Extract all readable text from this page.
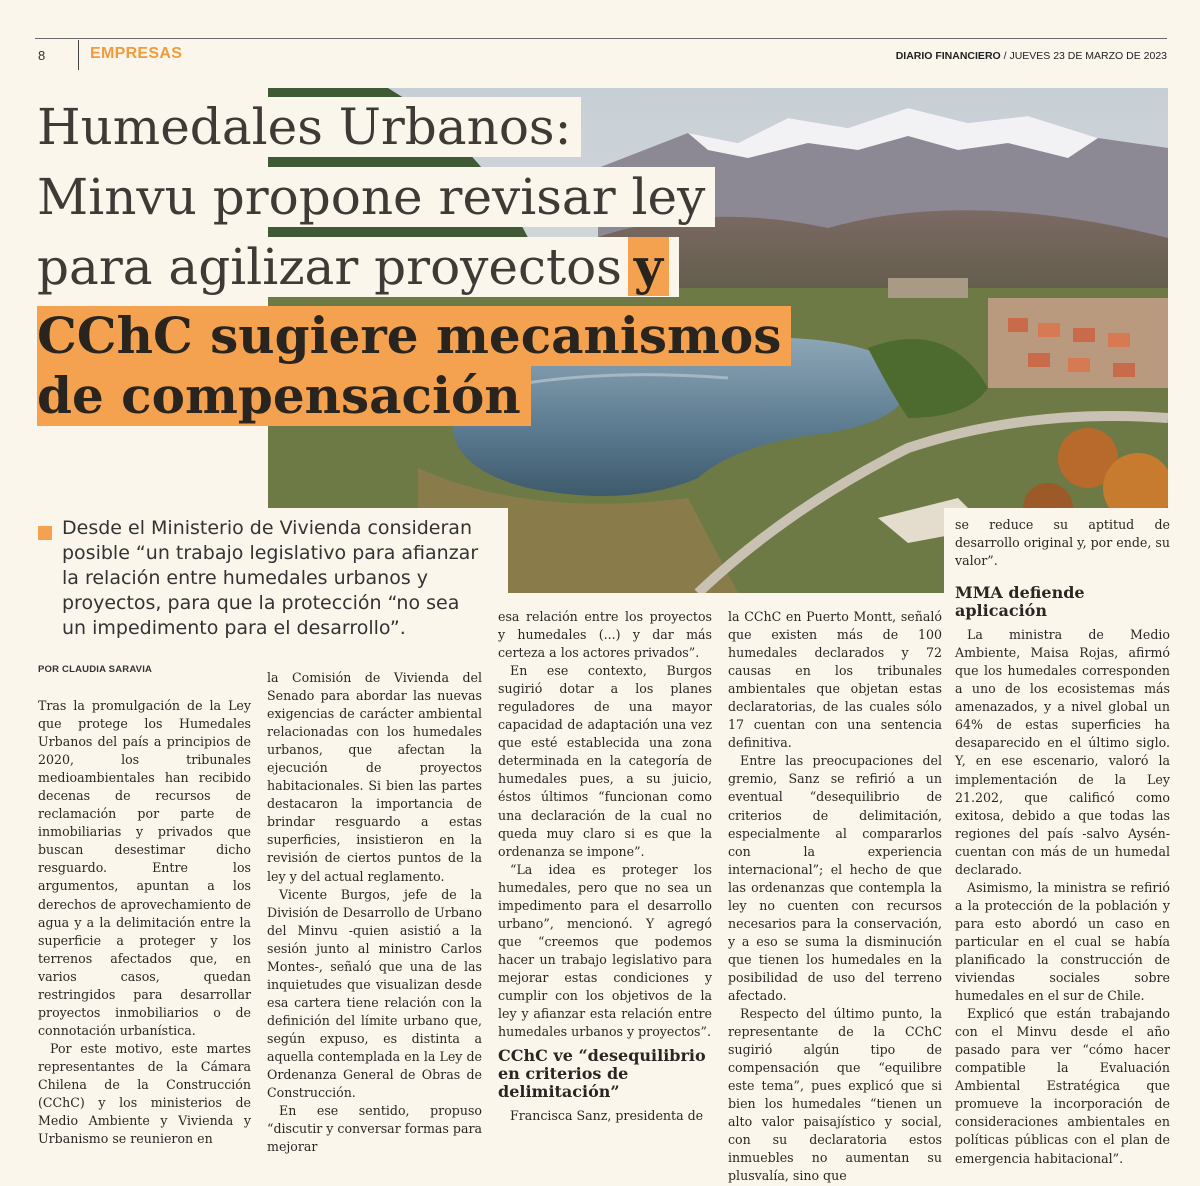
8	EMPRESAS	DIARIO FINANCIERO / JUEVES 23 DE MARZO DE 2023
Humedales Urbanos:
Minvu propone revisar ley
para agilizar proyectos y
CChC sugiere mecanismos
de compensación
Desde el Ministerio de Vivienda consideran posible “un trabajo legislativo para afianzar la relación entre humedales urbanos y proyectos, para que la protección “no sea un impedimento para el desarrollo”.
POR CLAUDIA SARAVIA

Tras la promulgación de la Ley que protege los Humedales Urbanos del país a principios de 2020, los tribunales medioambientales han recibido decenas de recursos de reclamación por parte de inmobiliarias y privados que buscan desestimar dicho resguardo. Entre los argumentos, apuntan a los derechos de aprovechamiento de agua y a la delimitación entre la superficie a proteger y los terrenos afectados que, en varios casos, quedan restringidos para desarrollar proyectos inmobiliarios o de connotación urbanística.

Por este motivo, este martes representantes de la Cámara Chilena de la Construcción (CChC) y los ministerios de Medio Ambiente y Vivienda y Urbanismo se reunieron en

la Comisión de Vivienda del Senado para abordar las nuevas exigencias de carácter ambiental relacionadas con los humedales urbanos, que afectan la ejecución de proyectos habitacionales. Si bien las partes destacaron la importancia de brindar resguardo a estas superficies, insistieron en la revisión de ciertos puntos de la ley y del actual reglamento.

Vicente Burgos, jefe de la División de Desarrollo de Urbano del Minvu -quien asistió a la sesión junto al ministro Carlos Montes-, señaló que una de las inquietudes que visualizan desde esa cartera tiene relación con la definición del límite urbano que, según expuso, es distinta a aquella contemplada en la Ley de Ordenanza General de Obras de Construcción.

En ese sentido, propuso “discutir y conversar formas para mejorar

esa relación entre los proyectos y humedales (...) y dar más certeza a los actores privados”.

En ese contexto, Burgos sugirió dotar a los planes reguladores de una mayor capacidad de adaptación una vez que esté establecida una zona determinada en la categoría de humedales pues, a su juicio, éstos últimos “funcionan como una declaración de la cual no queda muy claro si es que la ordenanza se impone”.

“La idea es proteger los humedales, pero que no sea un impedimento para el desarrollo urbano”, mencionó. Y agregó que “creemos que podemos hacer un trabajo legislativo para mejorar estas condiciones y cumplir con los objetivos de la ley y afianzar esta relación entre humedales urbanos y proyectos”.

CChC ve “desequilibrio en criterios de delimitación”

Francisca Sanz, presidenta de

la CChC en Puerto Montt, señaló que existen más de 100 humedales declarados y 72 causas en los tribunales ambientales que objetan estas declaratorias, de las cuales sólo 17 cuentan con una sentencia definitiva.

Entre las preocupaciones del gremio, Sanz se refirió a un eventual “desequilibrio de criterios de delimitación, especialmente al compararlos con la experiencia internacional”; el hecho de que las ordenanzas que contempla la ley no cuenten con recursos necesarios para la conservación, y a eso se suma la disminución que tienen los humedales en la posibilidad de uso del terreno afectado.

Respecto del último punto, la representante de la CChC sugirió algún tipo de compensación que “equilibre este tema”, pues explicó que si bien los humedales “tienen un alto valor paisajístico y social, con su declaratoria estos inmuebles no aumentan su plusvalía, sino que

se reduce su aptitud de desarrollo original y, por ende, su valor”.

MMA defiende aplicación

La ministra de Medio Ambiente, Maisa Rojas, afirmó que los humedales corresponden a uno de los ecosistemas más amenazados, y a nivel global un 64% de estas superficies ha desaparecido en el último siglo. Y, en ese escenario, valoró la implementación de la Ley 21.202, que calificó como exitosa, debido a que todas las regiones del país -salvo Aysén- cuentan con más de un humedal declarado.

Asimismo, la ministra se refirió a la protección de la población y para esto abordó un caso en particular en el cual se había planificado la construcción de viviendas sociales sobre humedales en el sur de Chile.

Explicó que están trabajando con el Minvu desde el año pasado para ver “cómo hacer compatible la Evaluación Ambiental Estratégica que promueve la incorporación de consideraciones ambientales en políticas públicas con el plan de emergencia habitacional”.
